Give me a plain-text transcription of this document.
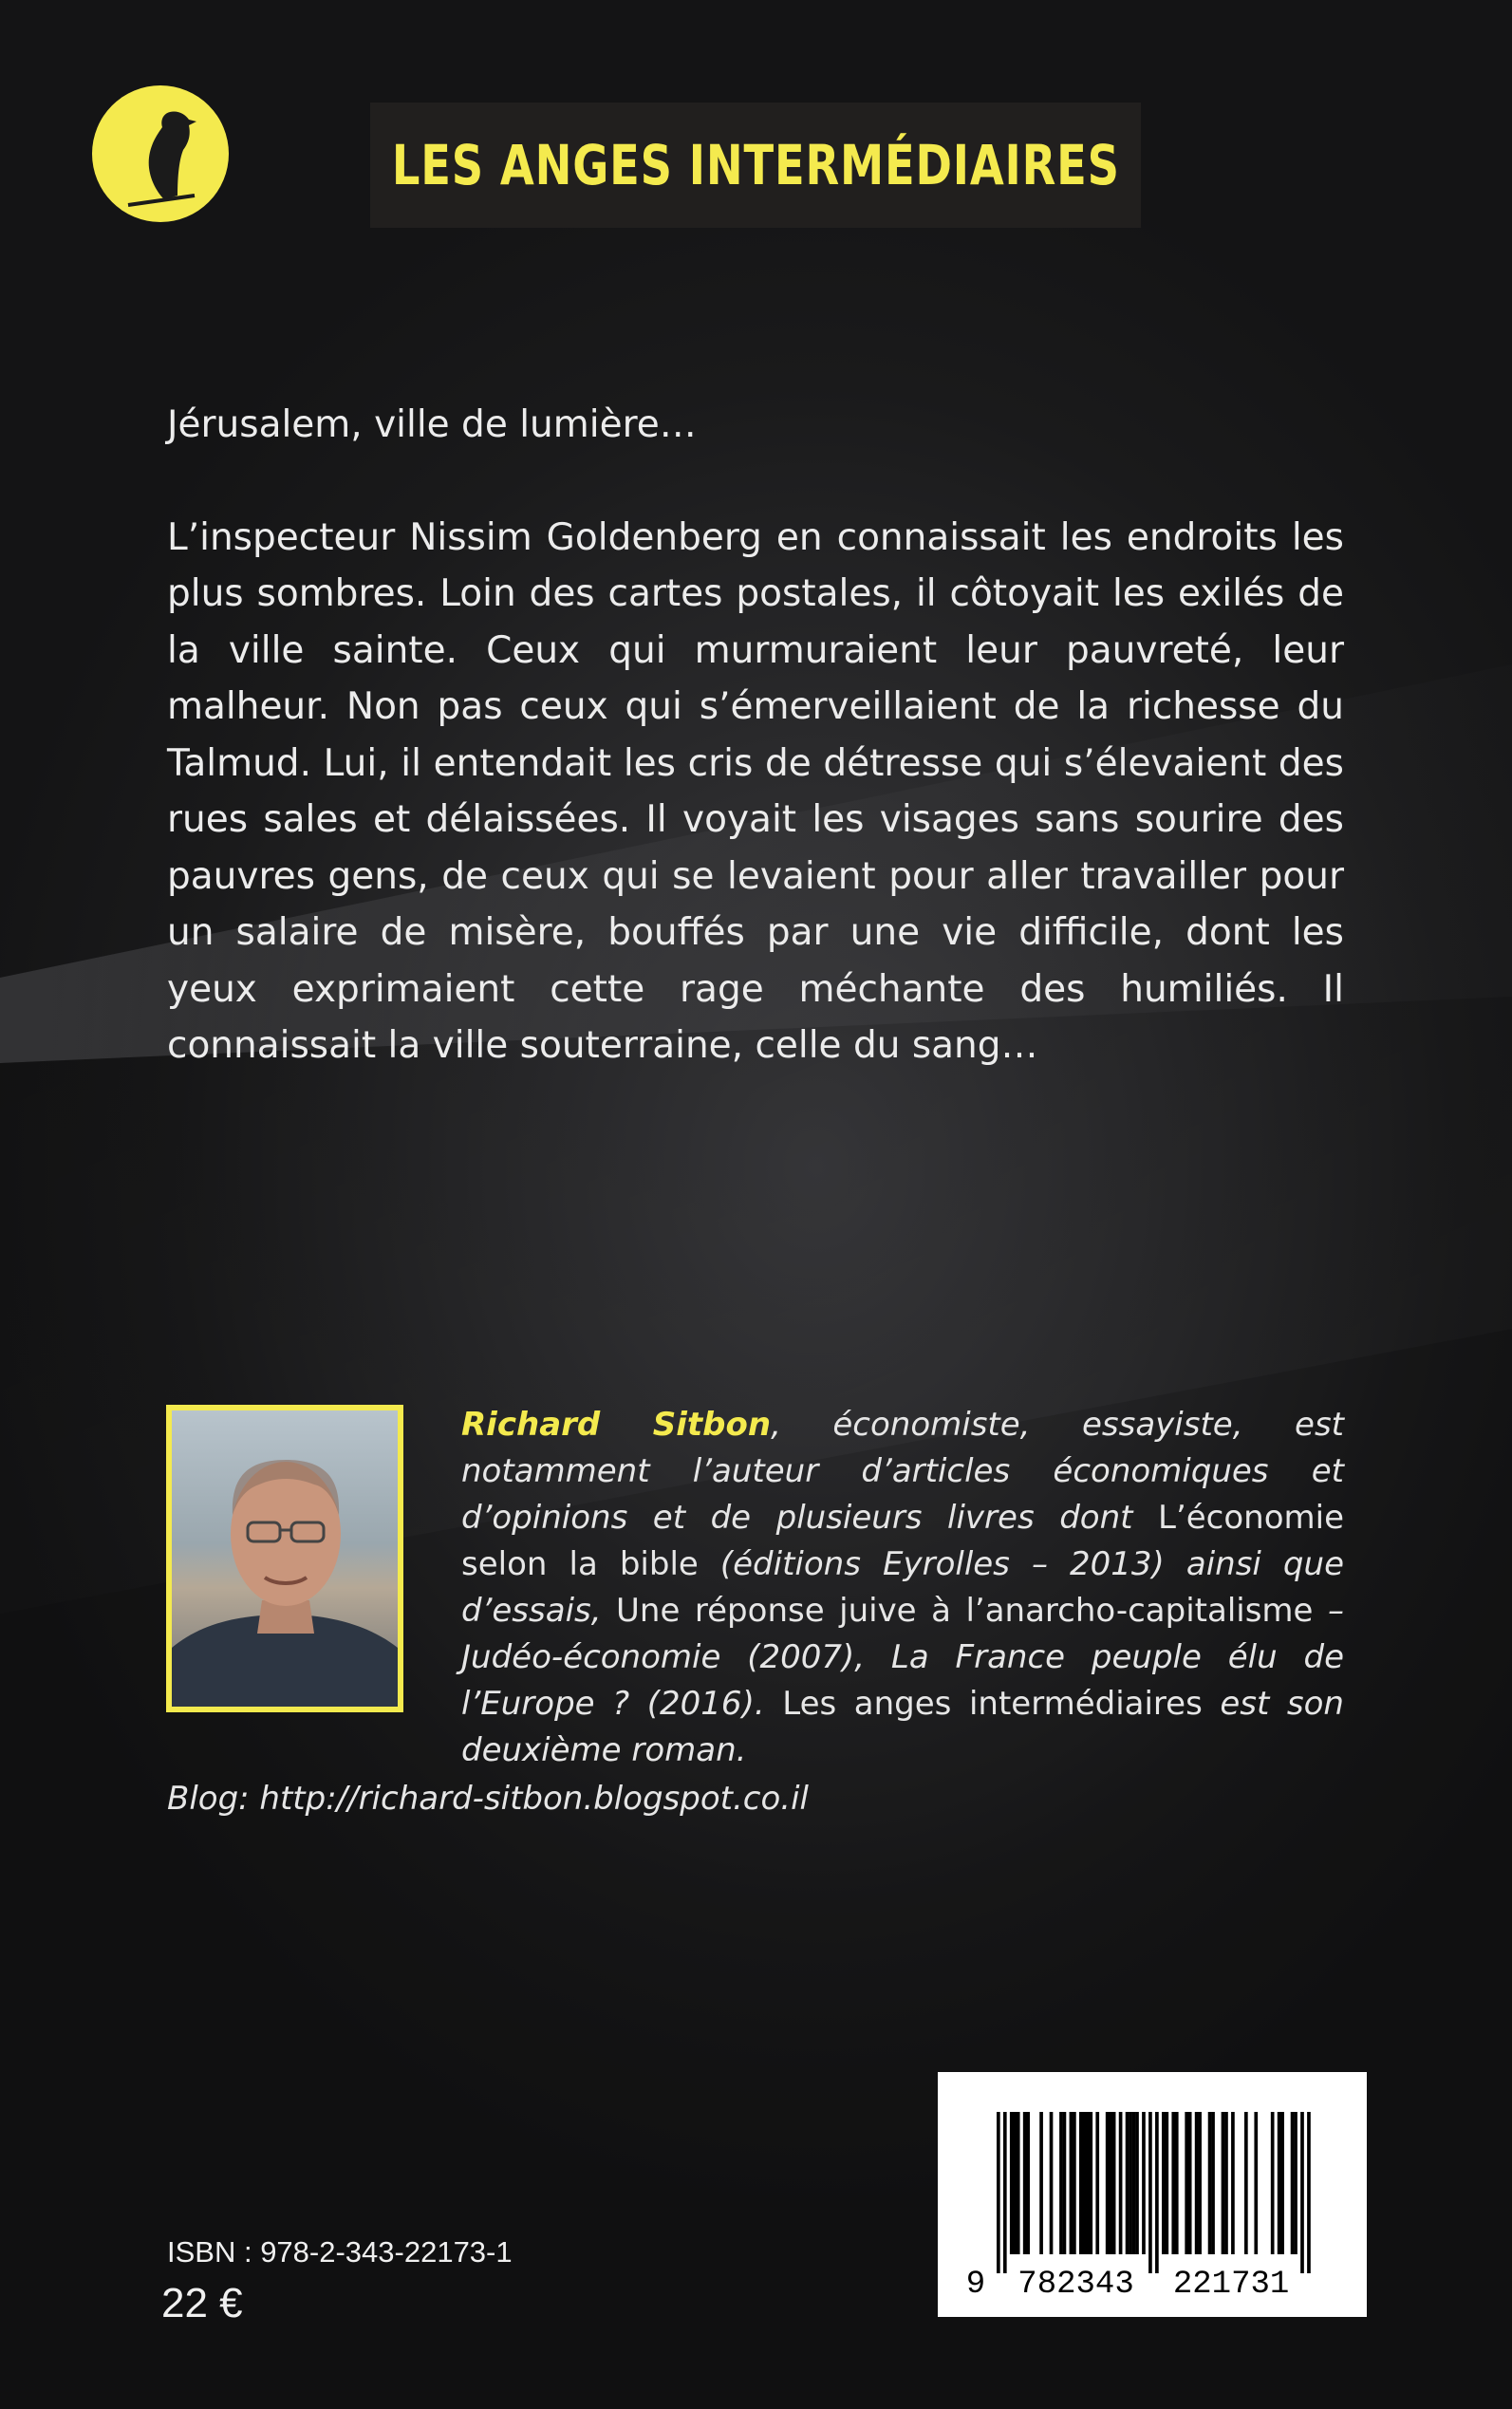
LES ANGES INTERMÉDIAIRES

Jérusalem, ville de lumière…

L’inspecteur Nissim Goldenberg en connaissait les endroits les plus sombres. Loin des cartes postales, il côtoyait les exilés de la ville sainte. Ceux qui murmuraient leur pauvreté, leur malheur. Non pas ceux qui s’émerveillaient de la richesse du Talmud. Lui, il entendait les cris de détresse qui s’élevaient des rues sales et délaissées. Il voyait les visages sans sourire des pauvres gens, de ceux qui se levaient pour aller travailler pour un salaire de misère, bouffés par une vie difficile, dont les yeux exprimaient cette rage méchante des humiliés. Il connaissait la ville souterraine, celle du sang…

Richard Sitbon, économiste, essayiste, est notamment l’auteur d’articles économiques et d’opinions et de plusieurs livres dont L’économie selon la bible (éditions Eyrolles – 2013) ainsi que d’essais, Une réponse juive à l’anarcho-capitalisme – Judéo-économie (2007), La France peuple élu de l’Europe ? (2016). Les anges intermédiaires est son deuxième roman.
Blog: http://richard-sitbon.blogspot.co.il
9 782343 221731
ISBN : 978-2-343-22173-1
22 €
